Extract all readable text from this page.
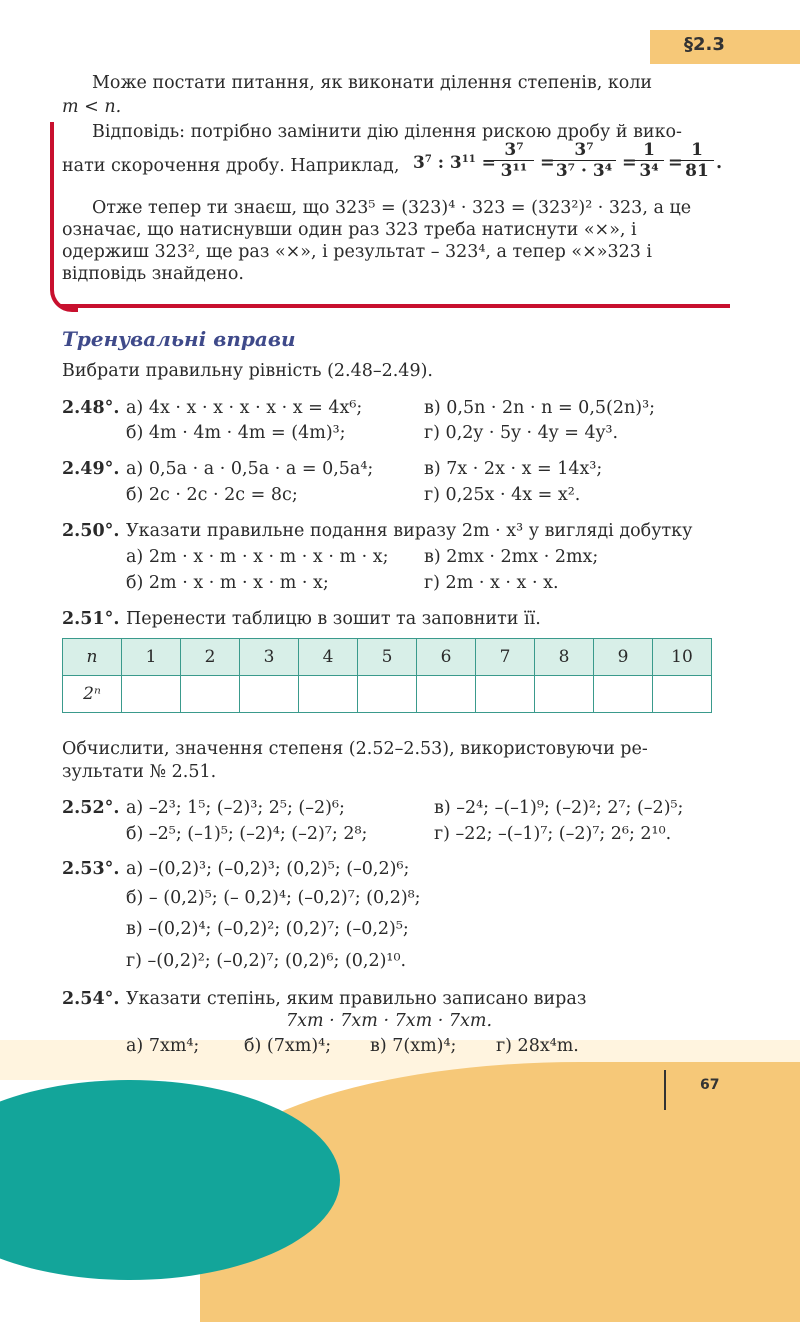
§2.3
Може постати питання, як виконати ділення степенів, коли
m < n.
Відповідь: потрібно замінити дію ділення рискою дробу й вико-
нати скорочення дробу. Наприклад, $3^7$ : $3^{11}$ =
$\frac{\text{3⁷}}{\text{3¹¹}}$ =
$\frac{\text{3⁷}}{\text{3⁷ · 3⁴}}$ =
$\frac{1}{\text{3⁴}}$ =
$\frac{1}{81}$ .
Отже тепер ти знаєш, що 323⁵ = (323)⁴ · 323 = (323²)² · 323, а це
означає, що натиснувши один раз 323 треба натиснути «×», і
одержиш 323², ще раз «×», і результат – 323⁴, а тепер «×»323 і
відповідь знайдено.
Тренувальні вправи
Вибрати правильну рівність (2.48–2.49).
2.48°. а) 4x · x · x · x · x · x = 4x⁶;
б) 4m · 4m · 4m = (4m)³;
в) 0,5n · 2n · n = 0,5(2n)³;
г) 0,2y · 5y · 4y = 4y³.
2.49°. а) 0,5a · a · 0,5a · a = 0,5a⁴;
б) 2c · 2c · 2c = 8c;
в) 7x · 2x · x = 14x³;
г) 0,25x · 4x = x².
2.50°. Указати правильне подання виразу 2m · x³ у вигляді добутку
а) 2m · x · m · x · m · x · m · x;
б) 2m · x · m · x · m · x;
в) 2mx · 2mx · 2mx;
г) 2m · x · x · x.
2.51°. Перенести таблицю в зошит та заповнити її.
n	1	2	3	4	5	6	7	8	9	10
2ⁿ										
Обчислити, значення степеня (2.52–2.53), використовуючи ре-
зультати № 2.51.
2.52°. а) –2³; 1⁵; (–2)³; 2⁵; (–2)⁶;
б) –2⁵; (–1)⁵; (–2)⁴; (–2)⁷; 2⁸;
в) –2⁴; –(–1)⁹; (–2)²; 2⁷; (–2)⁵;
г) –22; –(–1)⁷; (–2)⁷; 2⁶; 2¹⁰.
2.53°. а) –(0,2)³; (–0,2)³; (0,2)⁵; (–0,2)⁶;
б) – (0,2)⁵; (– 0,2)⁴; (–0,2)⁷; (0,2)⁸;
в) –(0,2)⁴; (–0,2)²; (0,2)⁷; (–0,2)⁵;
г) –(0,2)²; (–0,2)⁷; (0,2)⁶; (0,2)¹⁰.
2.54°. Указати степінь, яким правильно записано вираз
7xm · 7xm · 7xm · 7xm.
а) 7xm⁴;	б) (7xm)⁴; в) 7(xm)⁴; г) 28x⁴m.
67
